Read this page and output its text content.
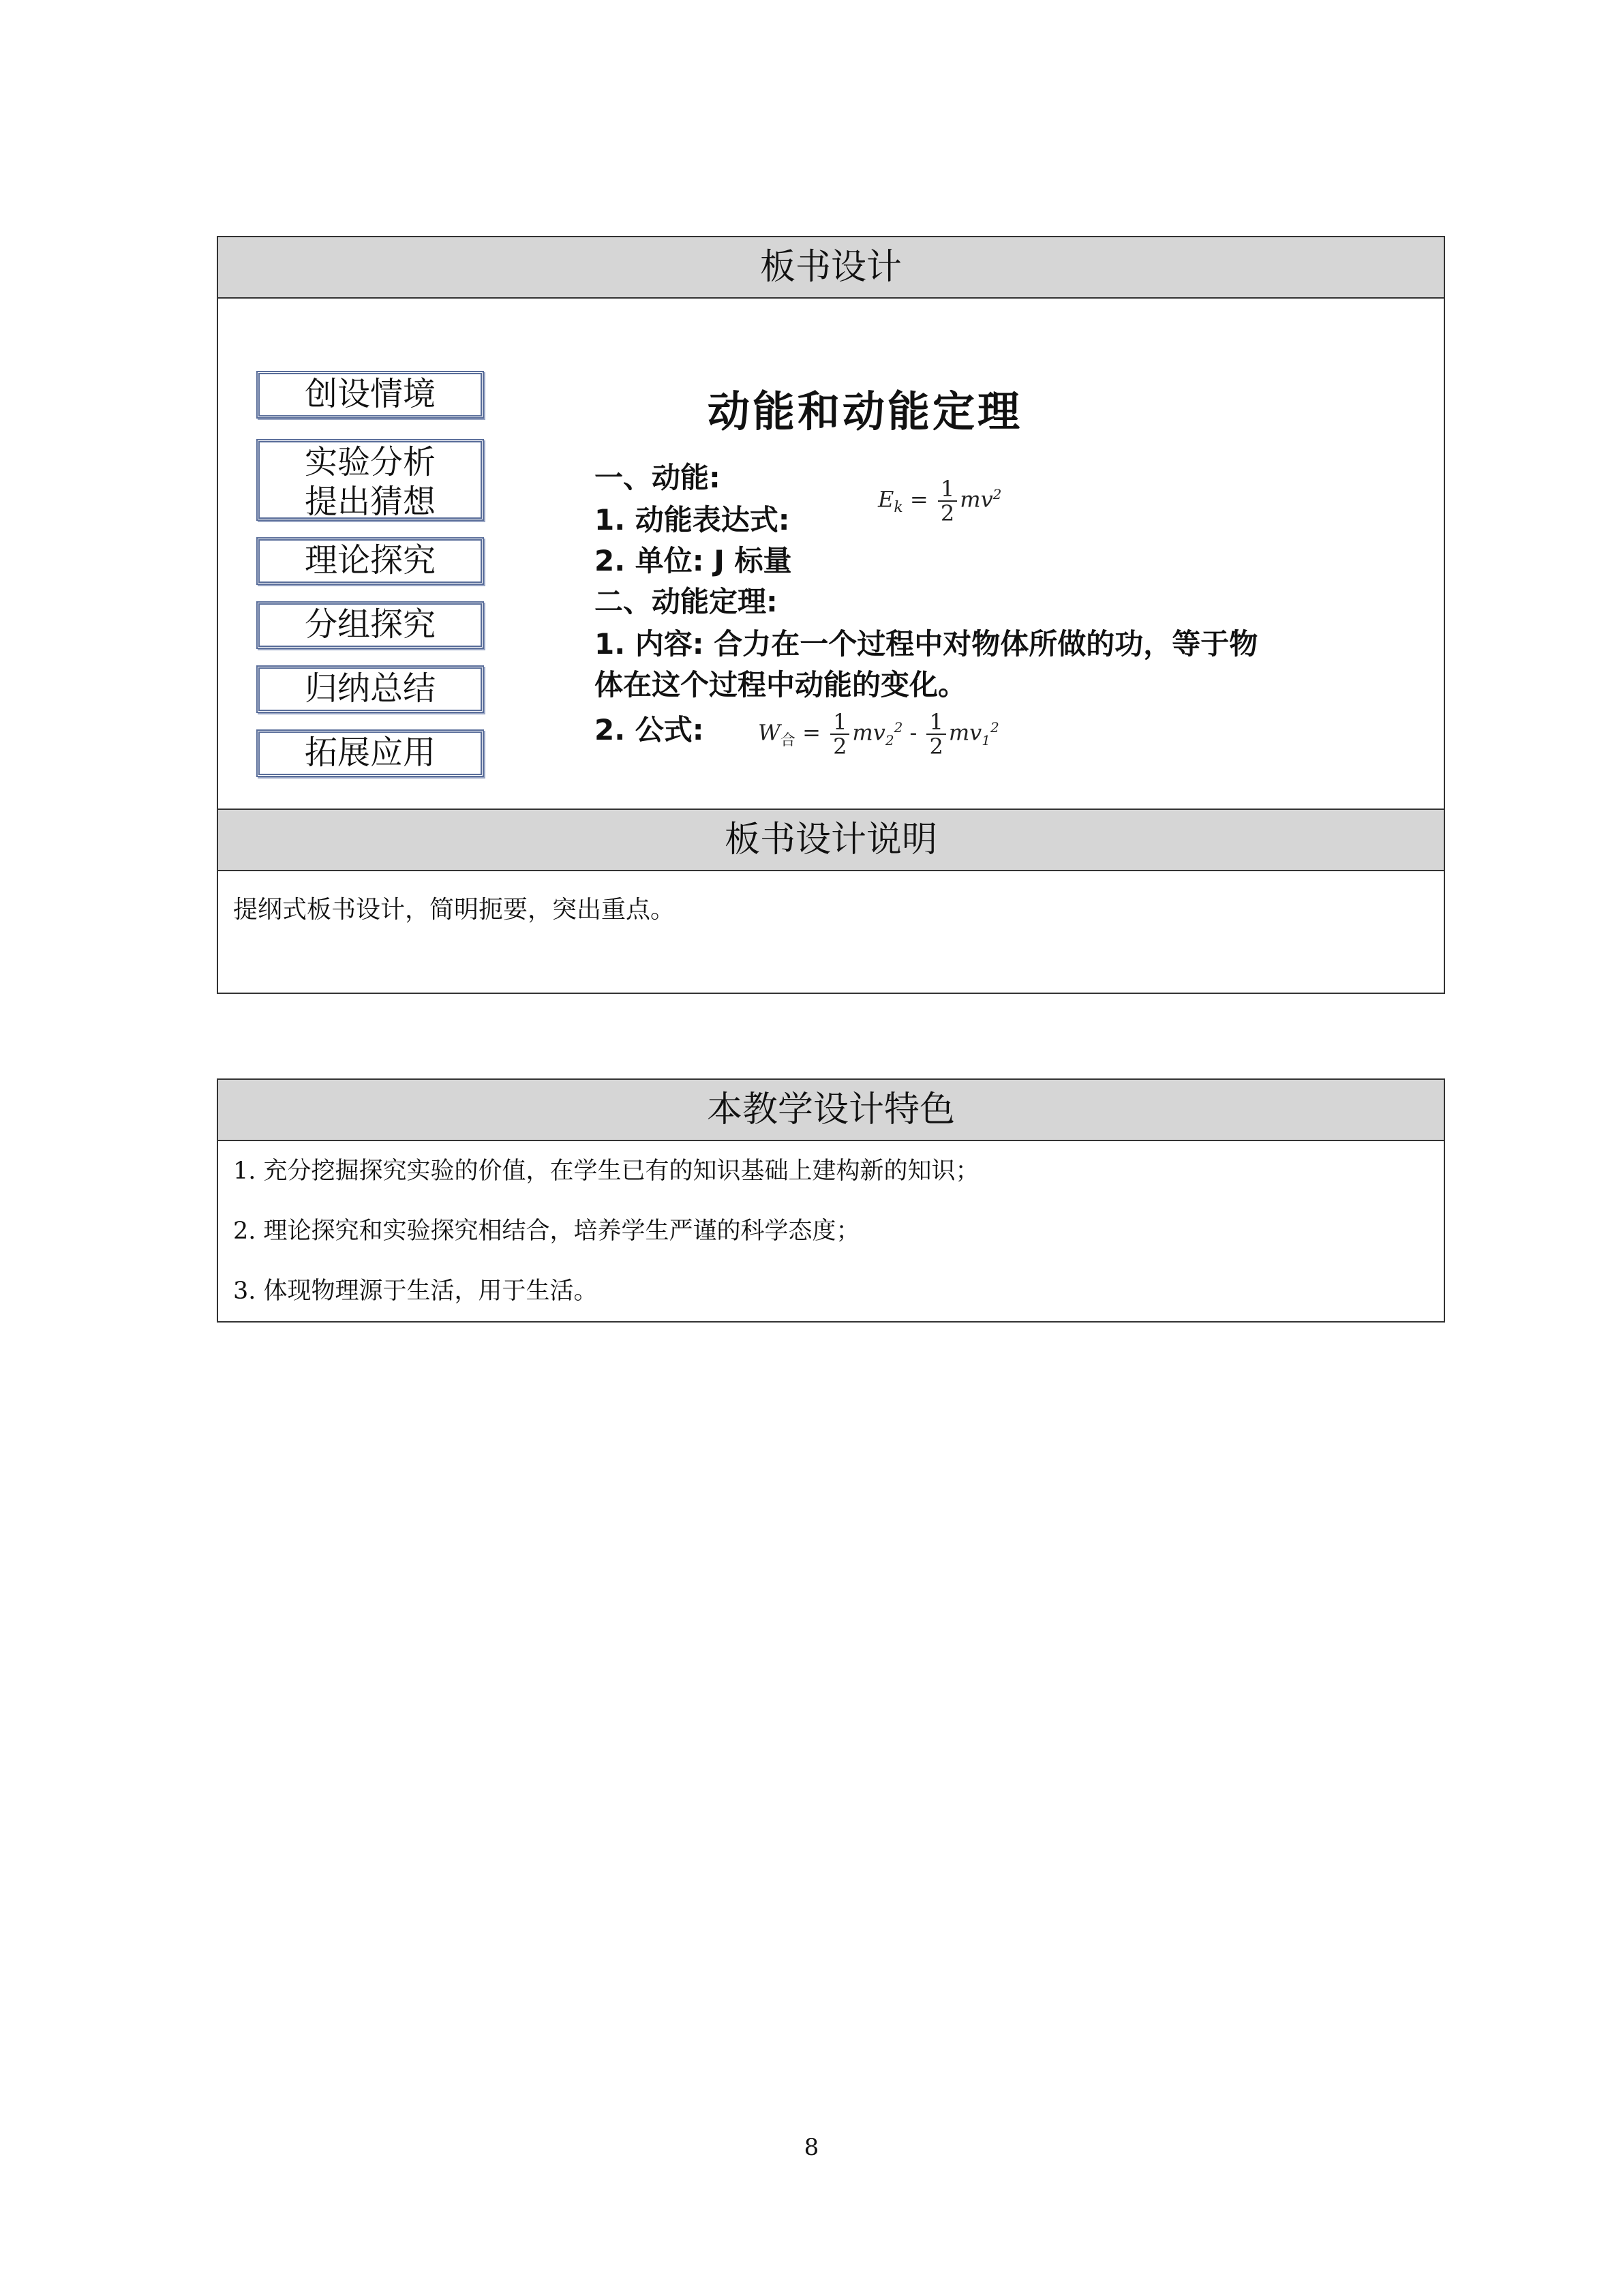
板书设计
创设情境
实验分析
提出猜想
理论探究
分组探究
归纳总结
拓展应用
动能和动能定理
一、动能:
1. 动能表达式:
$E_k = \frac{1}{2} mv^2$
2. 单位: J 标量
二、动能定理:
1. 内容: 合力在一个过程中对物体所做的功，等于物
体在这个过程中动能的变化。
2. 公式: $W_合 = \frac{1}{2} mv_2^2 - \frac{1}{2} mv_1^2$
板书设计说明
提纲式板书设计，简明扼要，突出重点。
本教学设计特色
1. 充分挖掘探究实验的价值，在学生已有的知识基础上建构新的知识；
2. 理论探究和实验探究相结合，培养学生严谨的科学态度；
3. 体现物理源于生活，用于生活。
8
